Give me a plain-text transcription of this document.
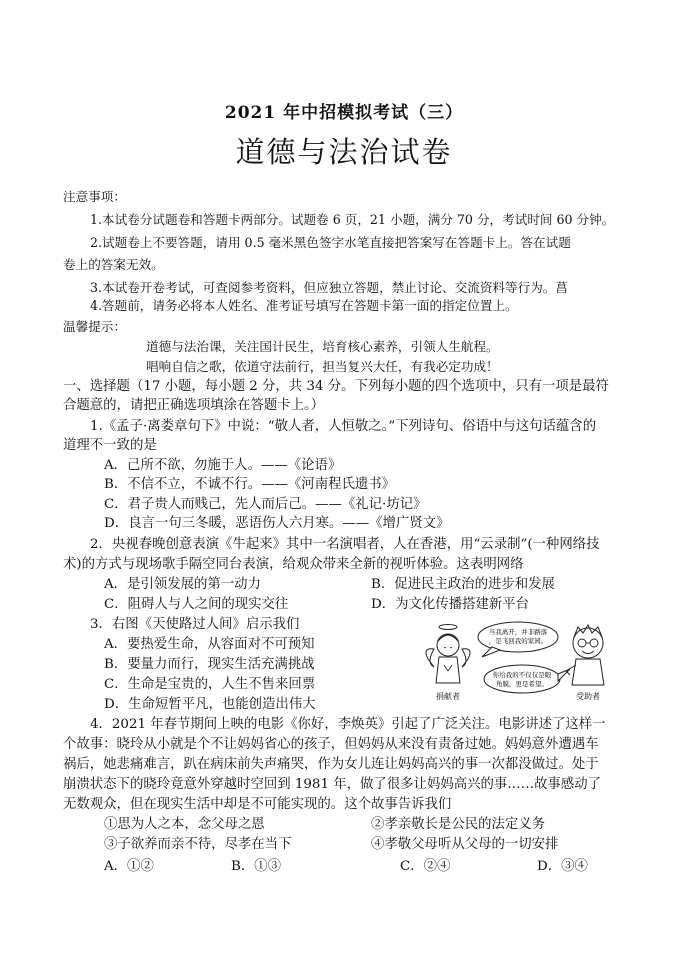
2021 年中招模拟考试（三）
道德与法治试卷
注意事项：
1.本试卷分试题卷和答题卡两部分。试题卷 6 页，21 小题，满分 70 分，考试时间 60 分钟。
2.试题卷上不要答题，请用 0.5 毫米黑色签字水笔直接把答案写在答题卡上。答在试题
卷上的答案无效。
3.本试卷开卷考试，可查阅参考资料，但应独立答题，禁止讨论、交流资料等行为。菖
4.答题前，请务必将本人姓名、准考证号填写在答题卡第一面的指定位置上。
温馨提示：
道德与法治课，关注国计民生，培育核心素养，引领人生航程。
唱响自信之歌，依道守法前行，担当复兴大任，有我必定功成！
一、选择题（17 小题，每小题 2 分，共 34 分。下列每小题的四个选项中，只有一项是最符
合题意的，请把正确选项填涂在答题卡上。）
1.《孟子·离娄章句下》中说：“敬人者，人恒敬之。”下列诗句、俗语中与这句话蕴含的
道理不一致的是
A．己所不欲，勿施于人。——《论语》
B．不信不立，不诚不行。——《河南程氏遗书》
C．君子贵人而贱己，先人而后己。——《礼记·坊记》
D．良言一句三冬暖，恶语伤人六月寒。——《增广贤文》
2．央视春晚创意表演《牛起来》其中一名演唱者，人在香港，用“云录制”(一种网络技
术)的方式与现场歌手隔空同台表演，给观众带来全新的视听体验。这表明网络
A．是引领发展的第一动力	B．促进民主政治的进步和发展
C．阻碍人与人之间的现实交往	D．为文化传播搭建新平台
3．右图《天使路过人间》启示我们
A．要热爱生命，从容面对不可预知
B．要量力而行，现实生活充满挑战
C．生命是宝贵的，人生不售来回票
D．生命短暂平凡，也能创造出伟大
当我离开，并非路落
，是飞回我的家园。
你给我的不仅仅是眼
角膜，更是希望。
捐献者	受助者
4．2021 年春节期间上映的电影《你好，李焕英》引起了广泛关注。电影讲述了这样一
个故事：晓玲从小就是个不让妈妈省心的孩子，但妈妈从来没有责备过她。妈妈意外遭遇车
祸后，她悲痛难言，趴在病床前失声痛哭，作为女儿连让妈妈高兴的事一次都没做过。处于
崩溃状态下的晓玲竟意外穿越时空回到 1981 年，做了很多让妈妈高兴的事……故事感动了
无数观众，但在现实生活中却是不可能实现的。这个故事告诉我们
①思为人之本，念父母之恩	②孝亲敬长是公民的法定义务
③子欲养而亲不待，尽孝在当下	④孝敬父母听从父母的一切安排
A．①②	B．①③	C．②④	D．③④
